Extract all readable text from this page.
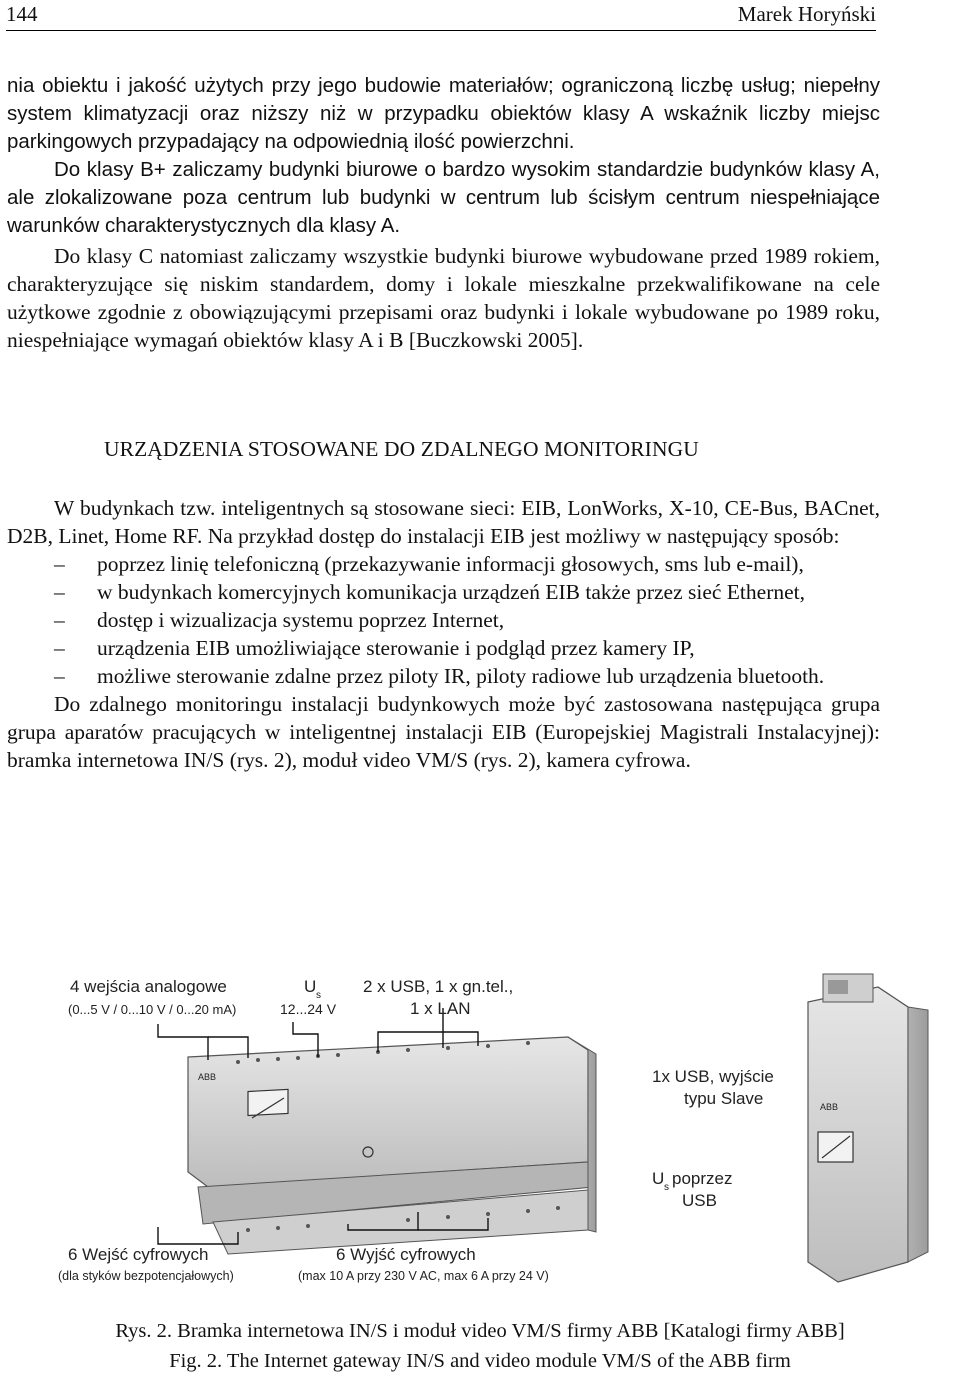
144	Marek Horyński
nia obiektu i jakość użytych przy jego budowie materiałów; ograniczoną liczbę usług; niepełny system klimatyzacji oraz niższy niż w przypadku obiektów klasy A wskaźnik liczby miejsc parkingowych przypadający na odpowiednią ilość powierzchni.
Do klasy B+ zaliczamy budynki biurowe o bardzo wysokim standardzie budynków klasy A, ale zlokalizowane poza centrum lub budynki w centrum lub ścisłym centrum niespełniające warunków charakterystycznych dla klasy A.
Do klasy C natomiast zaliczamy wszystkie budynki biurowe wybudowane przed 1989 rokiem, charakteryzujące się niskim standardem, domy i lokale mieszkalne przekwalifikowane na cele użytkowe zgodnie z obowiązującymi przepisami oraz budynki i lokale wybudowane po 1989 roku, niespełniające wymagań obiektów klasy A i B [Buczkowski 2005].
URZĄDZENIA STOSOWANE DO ZDALNEGO MONITORINGU
W budynkach tzw. inteligentnych są stosowane sieci: EIB, LonWorks, X-10, CE-Bus, BACnet, D2B, Linet, Home RF. Na przykład dostęp do instalacji EIB jest możliwy w następujący sposób:
– poprzez linię telefoniczną (przekazywanie informacji głosowych, sms lub e-mail),
– w budynkach komercyjnych komunikacja urządzeń EIB także przez sieć Ethernet,
– dostęp i wizualizacja systemu poprzez Internet,
– urządzenia EIB umożliwiające sterowanie i podgląd przez kamery IP,
– możliwe sterowanie zdalne przez piloty IR, piloty radiowe lub urządzenia bluetooth.
Do zdalnego monitoringu instalacji budynkowych może być zastosowana następująca grupa grupa aparatów pracujących w inteligentnej instalacji EIB (Europejskiej Magistrali Instalacyjnej): bramka internetowa IN/S (rys. 2), moduł video VM/S (rys. 2), kamera cyfrowa.
ABB
ABB
4 wejścia analogowe
(0...5 V / 0...10 V / 0...20 mA)
U s
12...24 V
2 x USB, 1 x gn.tel.,
1 x LAN
6 Wejść cyfrowych
(dla styków bezpotencjałowych)
6 Wyjść cyfrowych
(max 10 A przy 230 V AC, max 6 A przy 24 V)
1x USB, wyjście
typu Slave
U s poprzez
USB
Rys. 2. Bramka internetowa IN/S i moduł video VM/S firmy ABB [Katalogi firmy ABB]
Fig. 2. The Internet gateway IN/S and video module VM/S of the ABB firm
